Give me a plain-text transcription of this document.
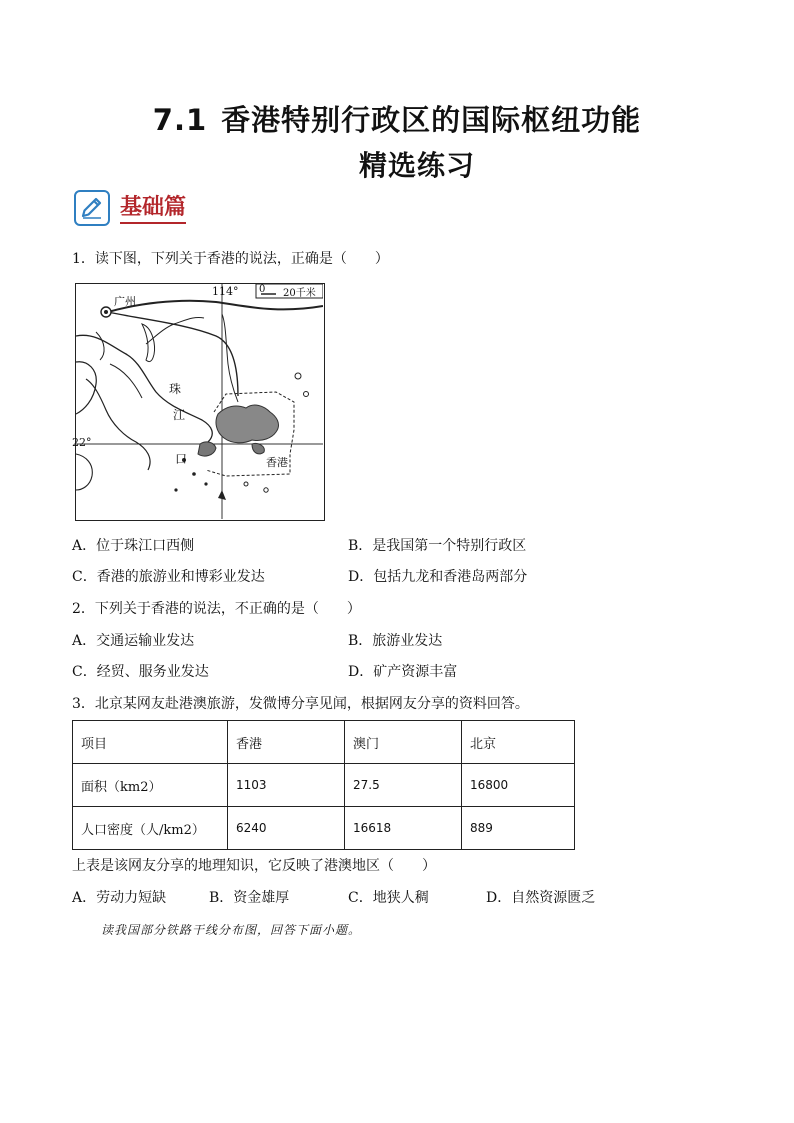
7.1 香港特别行政区的国际枢纽功能
精选练习
基础篇
1．读下图，下列关于香港的说法，正确是（　　）
114°
22°
0 20千米
广州
珠
江
口	香港
A．位于珠江口西侧	B．是我国第一个特别行政区
C．香港的旅游业和博彩业发达	D．包括九龙和香港岛两部分
2．下列关于香港的说法，不正确的是（　　）
A．交通运输业发达	B．旅游业发达
C．经贸、服务业发达	D．矿产资源丰富
3．北京某网友赴港澳旅游，发微博分享见闻，根据网友分享的资料回答。
项目	香港	澳门	北京
面积（km2）	1103	27.5	16800
人口密度（人/km2）	6240	16618	889
上表是该网友分享的地理知识，它反映了港澳地区（　　）
A．劳动力短缺	B．资金雄厚	C．地狭人稠	D．自然资源匮乏
读我国部分铁路干线分布图，回答下面小题。
